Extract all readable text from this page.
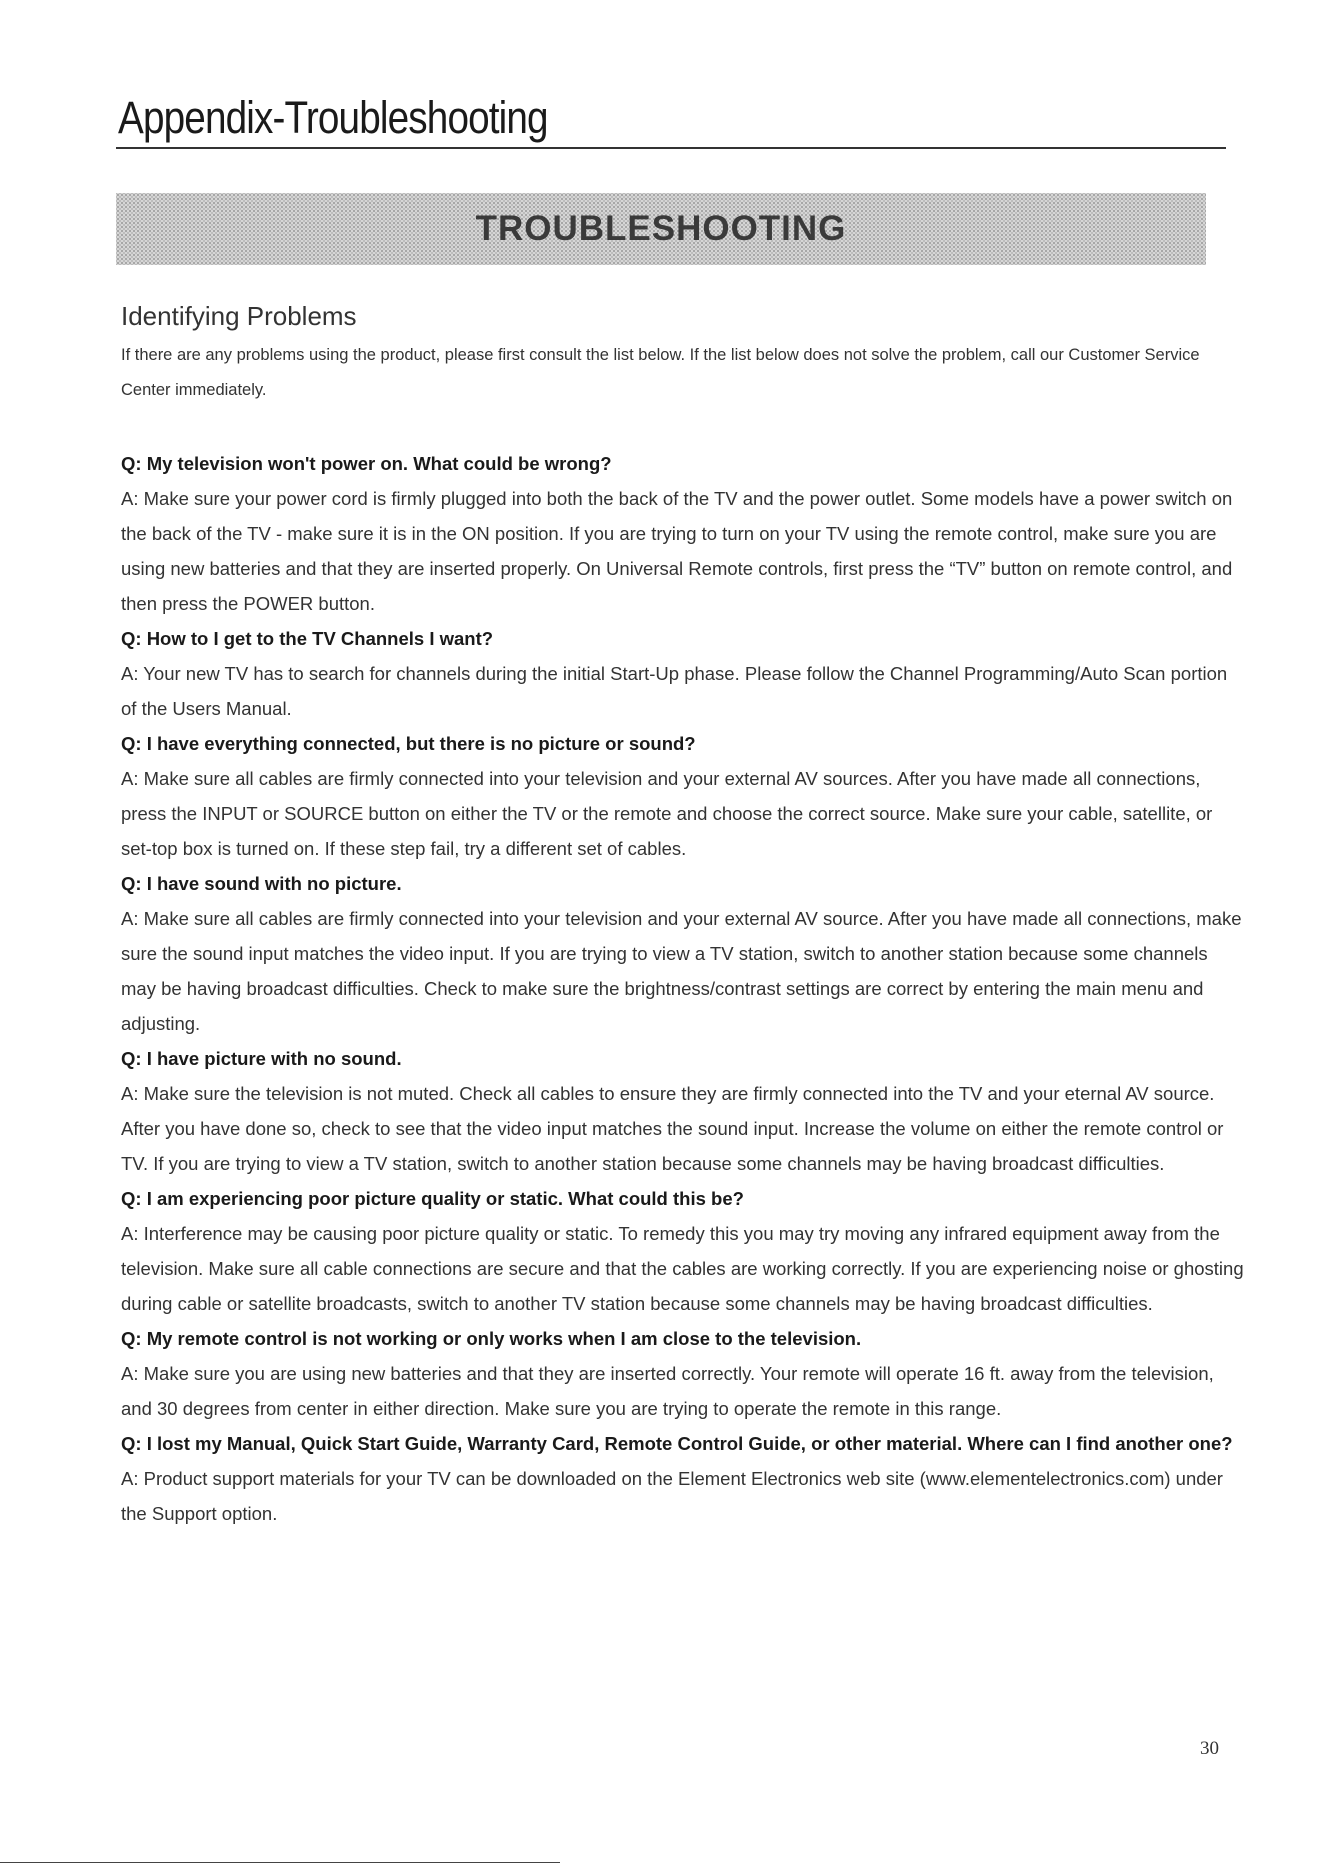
Appendix-Troubleshooting
TROUBLESHOOTING
Identifying Problems
If there are any problems using the product, please first consult the list below. If the list below does not solve the problem, call our Customer Service Center immediately.

Q: My television won't power on. What could be wrong?

A: Make sure your power cord is firmly plugged into both the back of the TV and the power outlet. Some models have a power switch on the back of the TV - make sure it is in the ON position. If you are trying to turn on your TV using the remote control, make sure you are using new batteries and that they are inserted properly. On Universal Remote controls, first press the “TV” button on remote control, and then press the POWER button.

Q: How to I get to the TV Channels I want?

A: Your new TV has to search for channels during the initial Start-Up phase. Please follow the Channel Programming/Auto Scan portion of the Users Manual.

Q: I have everything connected, but there is no picture or sound?

A: Make sure all cables are firmly connected into your television and your external AV sources. After you have made all connections, press the INPUT or SOURCE button on either the TV or the remote and choose the correct source. Make sure your cable, satellite, or set-top box is turned on. If these step fail, try a different set of cables.

Q: I have sound with no picture.

A: Make sure all cables are firmly connected into your television and your external AV source. After you have made all connections, make sure the sound input matches the video input. If you are trying to view a TV station, switch to another station because some channels may be having broadcast difficulties. Check to make sure the brightness/contrast settings are correct by entering the main menu and adjusting.

Q: I have picture with no sound.

A: Make sure the television is not muted. Check all cables to ensure they are firmly connected into the TV and your eternal AV source. After you have done so, check to see that the video input matches the sound input. Increase the volume on either the remote control or TV. If you are trying to view a TV station, switch to another station because some channels may be having broadcast difficulties.

Q: I am experiencing poor picture quality or static. What could this be?

A: Interference may be causing poor picture quality or static. To remedy this you may try moving any infrared equipment away from the television. Make sure all cable connections are secure and that the cables are working correctly. If you are experiencing noise or ghosting during cable or satellite broadcasts, switch to another TV station because some channels may be having broadcast difficulties.

Q: My remote control is not working or only works when I am close to the television.

A: Make sure you are using new batteries and that they are inserted correctly. Your remote will operate 16 ft. away from the television, and 30 degrees from center in either direction. Make sure you are trying to operate the remote in this range.

Q: I lost my Manual, Quick Start Guide, Warranty Card, Remote Control Guide, or other material. Where can I find another one?

A: Product support materials for your TV can be downloaded on the Element Electronics web site (www.elementelectronics.com) under the Support option.

30
